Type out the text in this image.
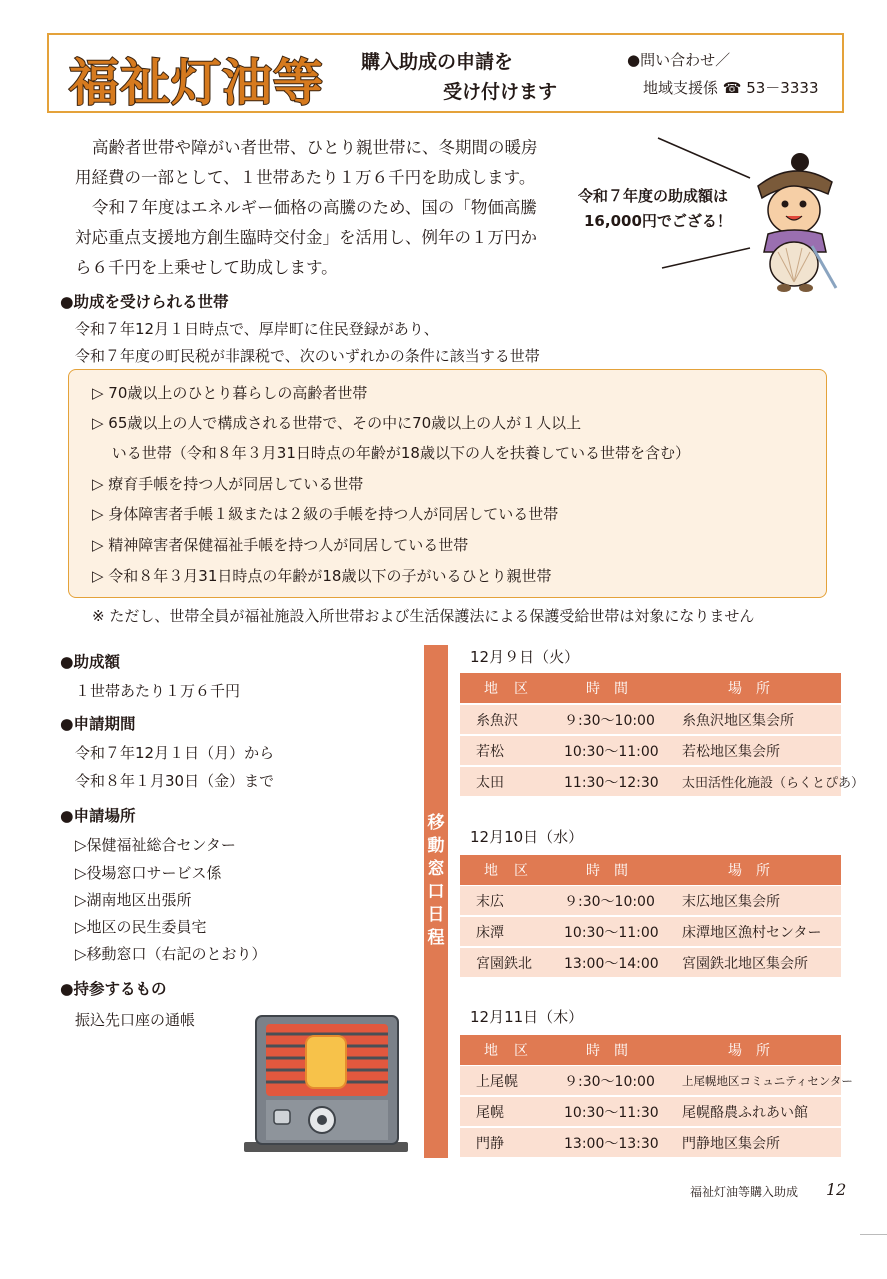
福祉灯油等 購入助成の申請を
受け付けます
●問い合わせ／
地域支援係 ☎ 53－3333
高齢者世帯や障がい者世帯、ひとり親世帯に、冬期間の暖房
用経費の一部として、１世帯あたり１万６千円を助成します。
令和７年度はエネルギー価格の高騰のため、国の「物価高騰
対応重点支援地方創生臨時交付金」を活用し、例年の１万円か
ら６千円を上乗せして助成します。
令和７年度の助成額は
16,000円でござる！
●助成を受けられる世帯
令和７年12月１日時点で、厚岸町に住民登録があり、
令和７年度の町民税が非課税で、次のいずれかの条件に該当する世帯
▷ 70歳以上のひとり暮らしの高齢者世帯
▷ 65歳以上の人で構成される世帯で、その中に70歳以上の人が１人以上
　 いる世帯（令和８年３月31日時点の年齢が18歳以下の人を扶養している世帯を含む）
▷ 療育手帳を持つ人が同居している世帯
▷ 身体障害者手帳１級または２級の手帳を持つ人が同居している世帯
▷ 精神障害者保健福祉手帳を持つ人が同居している世帯
▷ 令和８年３月31日時点の年齢が18歳以下の子がいるひとり親世帯
※ ただし、世帯全員が福祉施設入所世帯および生活保護法による保護受給世帯は対象になりません
●助成額
１世帯あたり１万６千円
●申請期間
令和７年12月１日（月）から
令和８年１月30日（金）まで
●申請場所
▷保健福祉総合センター
▷役場窓口サービス係
▷湖南地区出張所
▷地区の民生委員宅
▷移動窓口（右記のとおり）
●持参するもの
振込先口座の通帳
移
動
窓
口
日
程
12月９日（火）
地区	時間	場所
糸魚沢	９:30～10:00 糸魚沢地区集会所
若松	10:30～11:00 若松地区集会所
太田	11:30～12:30 太田活性化施設（らくとぴあ）
12月10日（水）
地区	時間	場所
末広	９:30～10:00 末広地区集会所
床潭	10:30～11:00 床潭地区漁村センター
宮園鉄北 13:00～14:00 宮園鉄北地区集会所
12月11日（木）
地区	時間	場所
上尾幌	９:30～10:00 上尾幌地区コミュニティセンター
尾幌	10:30～11:30 尾幌酪農ふれあい館
門静	13:00～13:30 門静地区集会所
福祉灯油等購入助成 12
